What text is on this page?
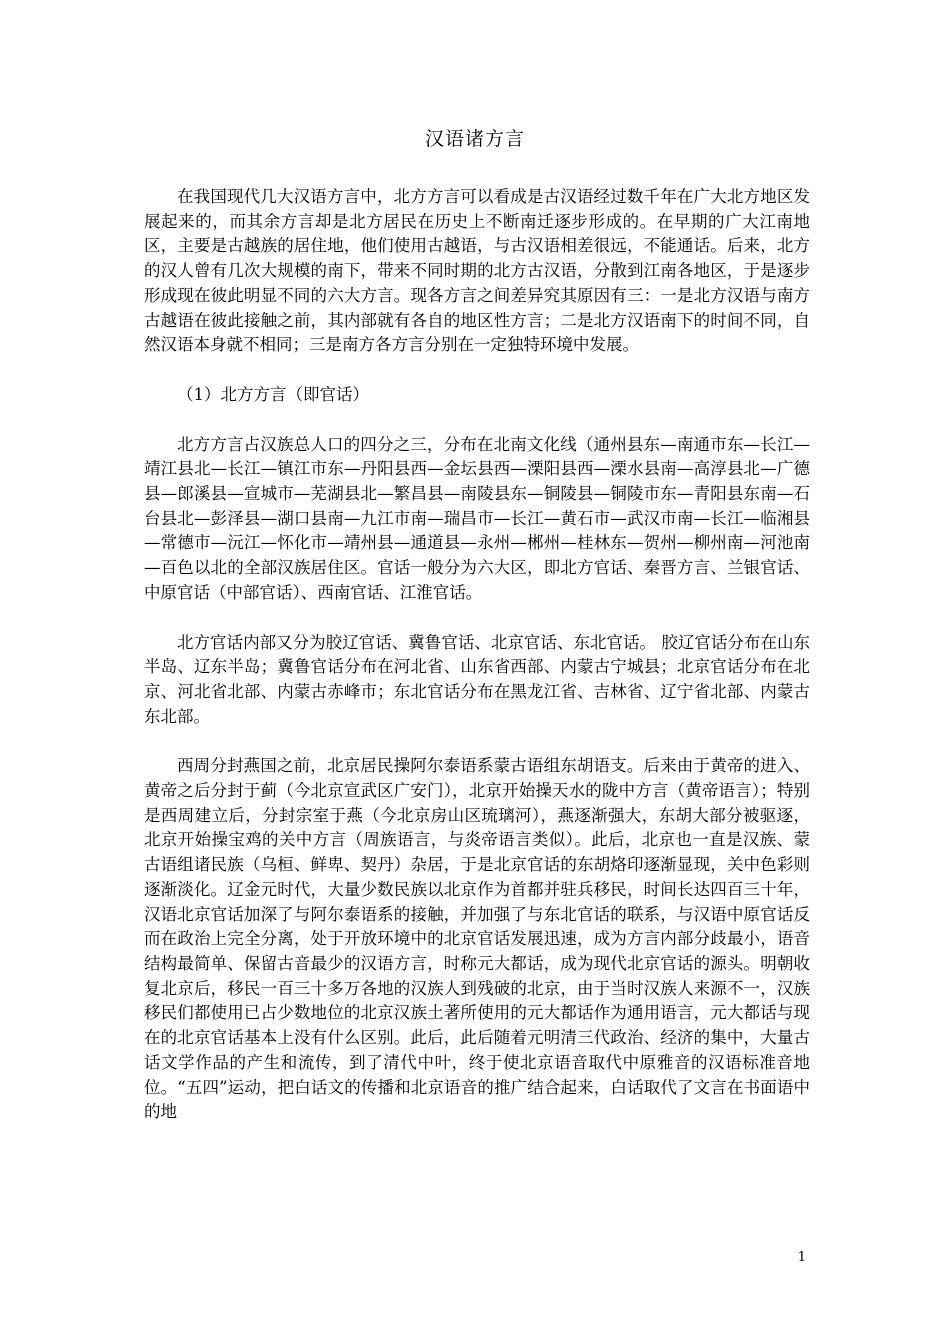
汉语诸方言

在我国现代几大汉语方言中，北方方言可以看成是古汉语经过数千年在广大北方地区发展起来的，而其余方言却是北方居民在历史上不断南迁逐步形成的。在早期的广大江南地区，主要是古越族的居住地，他们使用古越语，与古汉语相差很远，不能通话。后来，北方的汉人曾有几次大规模的南下，带来不同时期的北方古汉语，分散到江南各地区，于是逐步形成现在彼此明显不同的六大方言。现各方言之间差异究其原因有三：一是北方汉语与南方古越语在彼此接触之前，其内部就有各自的地区性方言；二是北方汉语南下的时间不同，自然汉语本身就不相同；三是南方各方言分别在一定独特环境中发展。

（1）北方方言（即官话）

北方方言占汉族总人口的四分之三，分布在北南文化线（通州县东—南通市东—长江—靖江县北—长江—镇江市东—丹阳县西—金坛县西—溧阳县西—溧水县南—高淳县北—广德县—郎溪县—宣城市—芜湖县北—繁昌县—南陵县东—铜陵县—铜陵市东—青阳县东南—石台县北—彭泽县—湖口县南—九江市南—瑞昌市—长江—黄石市—武汉市南—长江—临湘县—常德市—沅江—怀化市—靖州县—通道县—永州—郴州—桂林东—贺州—柳州南—河池南—百色以北的全部汉族居住区。官话一般分为六大区，即北方官话、秦晋方言、兰银官话、中原官话（中部官话）、西南官话、江淮官话。

北方官话内部又分为胶辽官话、冀鲁官话、北京官话、东北官话。 胶辽官话分布在山东半岛、辽东半岛；冀鲁官话分布在河北省、山东省西部、内蒙古宁城县；北京官话分布在北京、河北省北部、内蒙古赤峰市；东北官话分布在黑龙江省、吉林省、辽宁省北部、内蒙古东北部。

西周分封燕国之前，北京居民操阿尔泰语系蒙古语组东胡语支。后来由于黄帝的进入、黄帝之后分封于蓟（今北京宣武区广安门），北京开始操天水的陇中方言（黄帝语言）；特别是西周建立后，分封宗室于燕（今北京房山区琉璃河），燕逐渐强大，东胡大部分被驱逐，北京开始操宝鸡的关中方言（周族语言，与炎帝语言类似）。此后，北京也一直是汉族、蒙古语组诸民族（乌桓、鲜卑、契丹）杂居，于是北京官话的东胡烙印逐渐显现，关中色彩则逐渐淡化。辽金元时代，大量少数民族以北京作为首都并驻兵移民，时间长达四百三十年，汉语北京官话加深了与阿尔泰语系的接触，并加强了与东北官话的联系，与汉语中原官话反而在政治上完全分离，处于开放环境中的北京官话发展迅速，成为方言内部分歧最小，语音结构最简单、保留古音最少的汉语方言，时称元大都话，成为现代北京官话的源头。明朝收复北京后，移民一百三十多万各地的汉族人到残破的北京，由于当时汉族人来源不一，汉族移民们都使用已占少数地位的北京汉族土著所使用的元大都话作为通用语言，元大都话与现在的北京官话基本上没有什么区别。此后，此后随着元明清三代政治、经济的集中，大量古话文学作品的产生和流传，到了清代中叶，终于使北京语音取代中原雅音的汉语标准音地位。“五四”运动，把白话文的传播和北京语音的推广结合起来，白话取代了文言在书面语中的地

1
